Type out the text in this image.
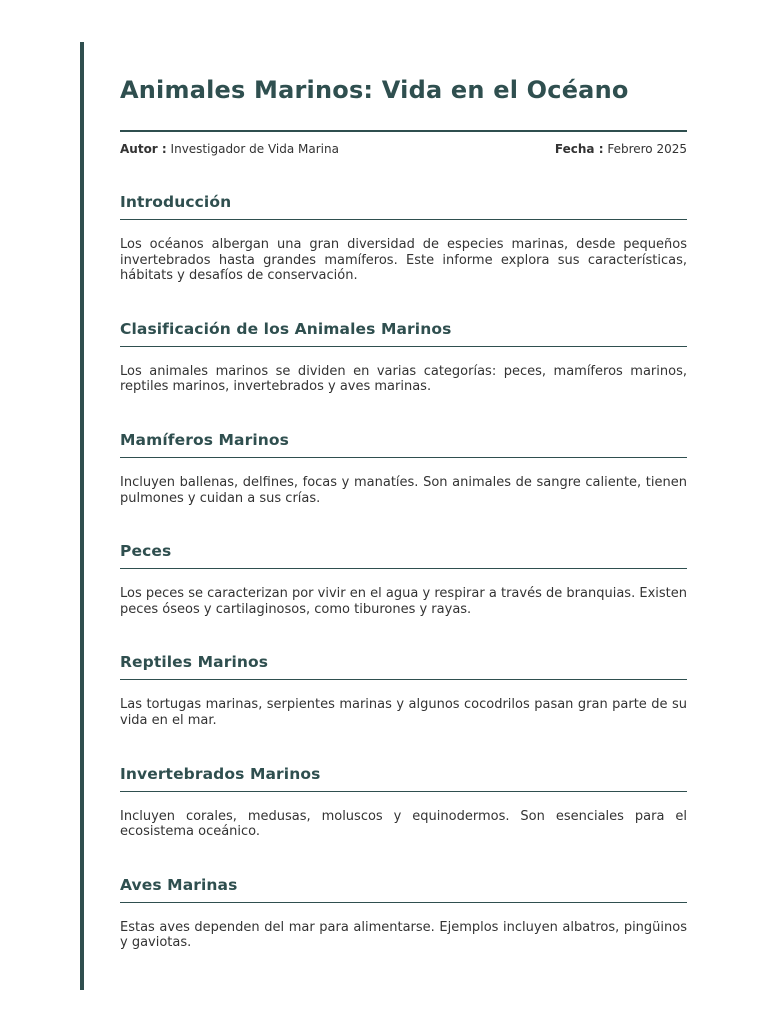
Animales Marinos: Vida en el Océano
Autor : Investigador de Vida Marina	Fecha : Febrero 2025
Introducción

Los océanos albergan una gran diversidad de especies marinas, desde pequeños invertebrados hasta grandes mamíferos. Este informe explora sus características, hábitats y desafíos de conservación.

Clasificación de los Animales Marinos

Los animales marinos se dividen en varias categorías: peces, mamíferos marinos, reptiles marinos, invertebrados y aves marinas.

Mamíferos Marinos

Incluyen ballenas, delfines, focas y manatíes. Son animales de sangre caliente, tienen pulmones y cuidan a sus crías.

Peces

Los peces se caracterizan por vivir en el agua y respirar a través de branquias. Existen peces óseos y cartilaginosos, como tiburones y rayas.

Reptiles Marinos

Las tortugas marinas, serpientes marinas y algunos cocodrilos pasan gran parte de su vida en el mar.

Invertebrados Marinos

Incluyen corales, medusas, moluscos y equinodermos. Son esenciales para el ecosistema oceánico.

Aves Marinas

Estas aves dependen del mar para alimentarse. Ejemplos incluyen albatros, pingüinos y gaviotas.
